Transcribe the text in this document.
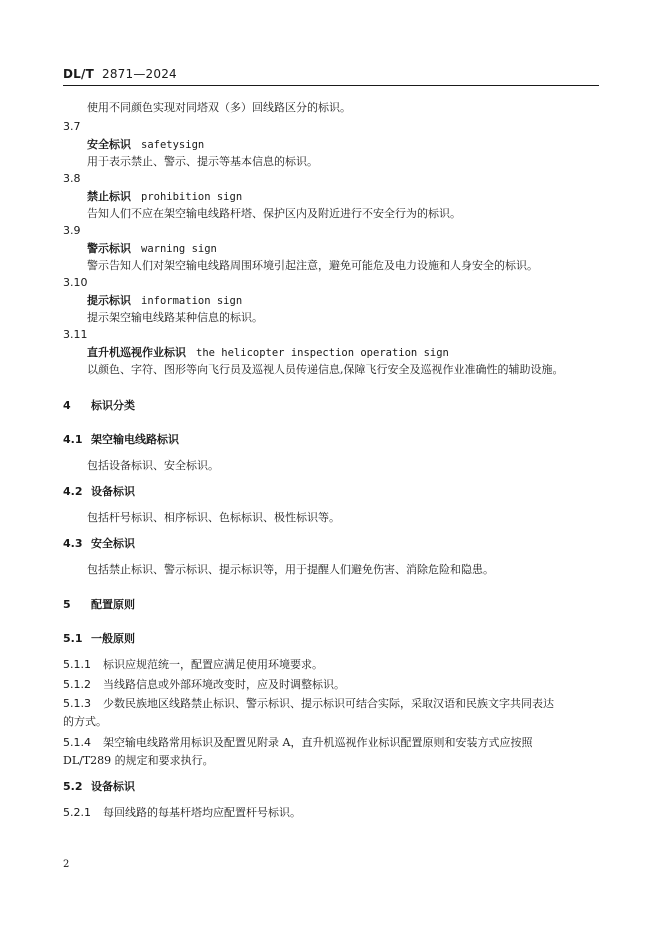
DL/T 2871—2024
使用不同颜色实现对同塔双（多）回线路区分的标识。
3.7
安全标识 safetysign
用于表示禁止、警示、提示等基本信息的标识。
3.8
禁止标识 prohibition sign
告知人们不应在架空输电线路杆塔、保护区内及附近进行不安全行为的标识。
3.9
警示标识 warning sign
警示告知人们对架空输电线路周围环境引起注意，避免可能危及电力设施和人身安全的标识。
3.10
提示标识 information sign
提示架空输电线路某种信息的标识。
3.11
直升机巡视作业标识 the helicopter inspection operation sign
以颜色、字符、图形等向飞行员及巡视人员传递信息,保障飞行安全及巡视作业准确性的辅助设施。
4 标识分类
4.1 架空输电线路标识
包括设备标识、安全标识。
4.2 设备标识
包括杆号标识、相序标识、色标标识、极性标识等。
4.3 安全标识
包括禁止标识、警示标识、提示标识等，用于提醒人们避免伤害、消除危险和隐患。
5 配置原则
5.1 一般原则
5.1.1 标识应规范统一，配置应满足使用环境要求。
5.1.2 当线路信息或外部环境改变时，应及时调整标识。
5.1.3 少数民族地区线路禁止标识、警示标识、提示标识可结合实际，采取汉语和民族文字共同表达
的方式。
5.1.4 架空输电线路常用标识及配置见附录 A，直升机巡视作业标识配置原则和安装方式应按照
DL/T289 的规定和要求执行。
5.2 设备标识
5.2.1 每回线路的每基杆塔均应配置杆号标识。
2
